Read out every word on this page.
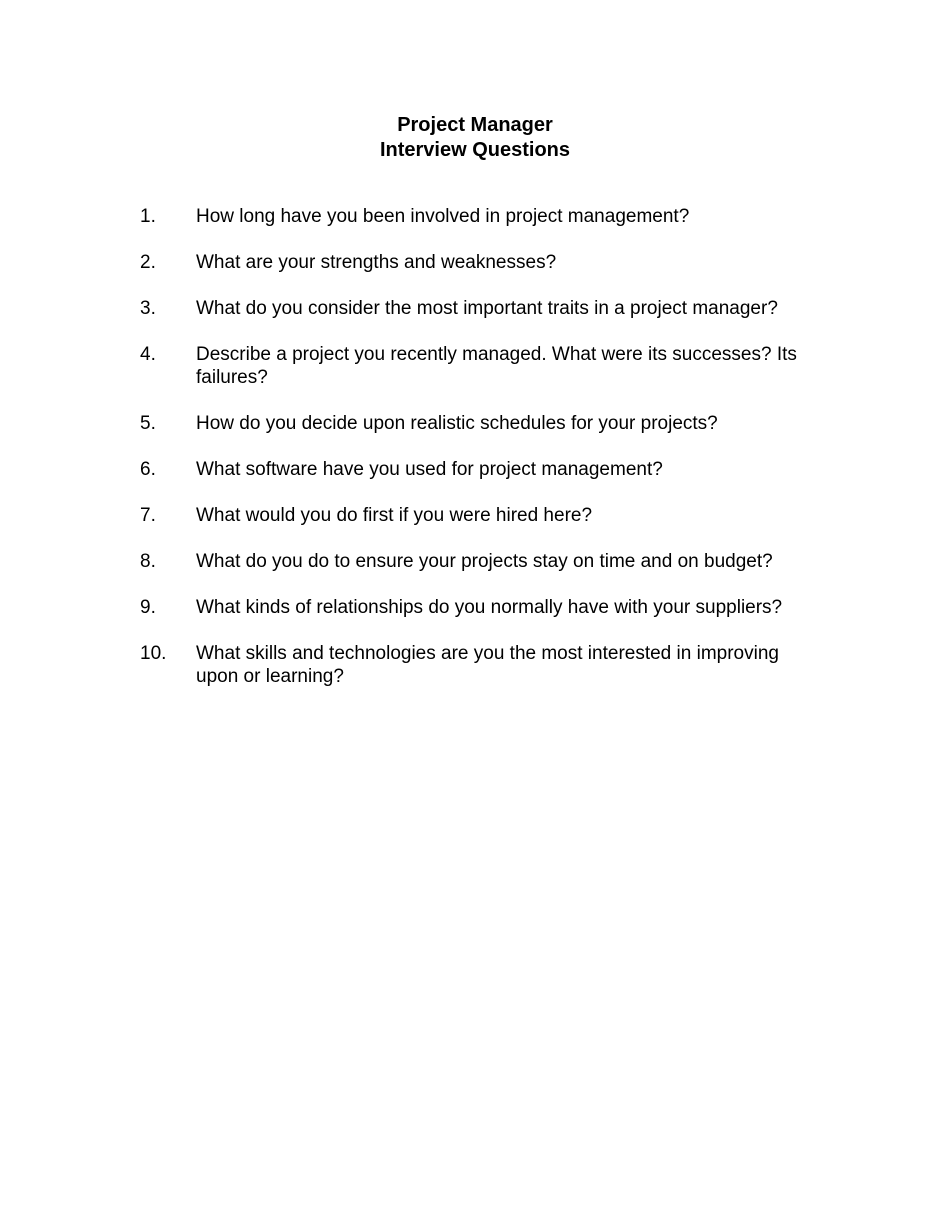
Project Manager
Interview Questions
1.	How long have you been involved in project management?
2.	What are your strengths and weaknesses?
3.	What do you consider the most important traits in a project manager?
4.	Describe a project you recently managed. What were its successes? Its failures?
5.	How do you decide upon realistic schedules for your projects?
6.	What software have you used for project management?
7.	What would you do first if you were hired here?
8.	What do you do to ensure your projects stay on time and on budget?
9.	What kinds of relationships do you normally have with your suppliers?
10.	What skills and technologies are you the most interested in improving upon or learning?
